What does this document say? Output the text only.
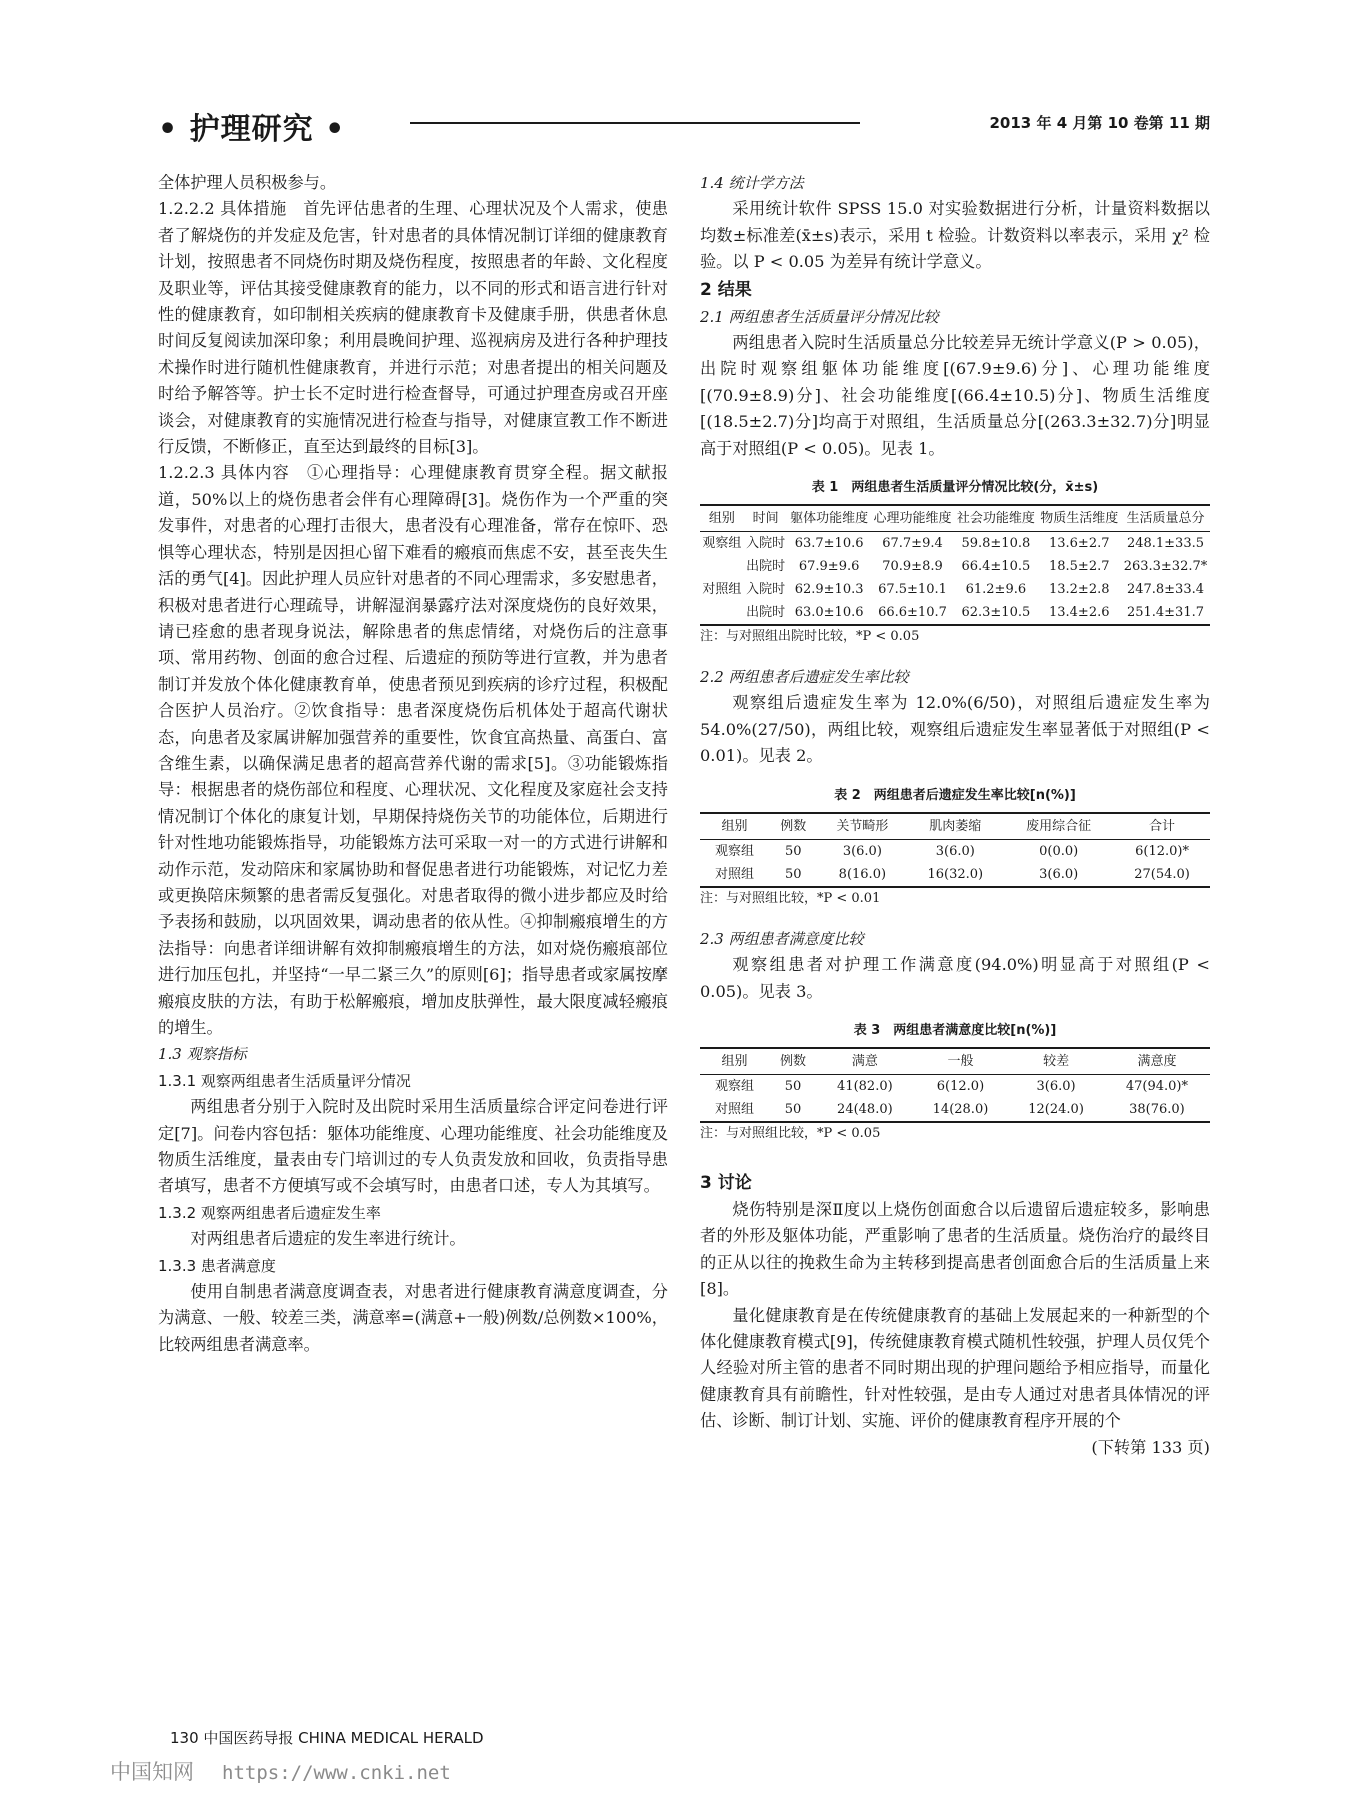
• 护理研究 •	2013 年 4 月第 10 卷第 11 期

全体护理人员积极参与。

1.2.2.2 具体措施　首先评估患者的生理、心理状况及个人需求，使患者了解烧伤的并发症及危害，针对患者的具体情况制订详细的健康教育计划，按照患者不同烧伤时期及烧伤程度，按照患者的年龄、文化程度及职业等，评估其接受健康教育的能力，以不同的形式和语言进行针对性的健康教育，如印制相关疾病的健康教育卡及健康手册，供患者休息时间反复阅读加深印象；利用晨晚间护理、巡视病房及进行各种护理技术操作时进行随机性健康教育，并进行示范；对患者提出的相关问题及时给予解答等。护士长不定时进行检查督导，可通过护理查房或召开座谈会，对健康教育的实施情况进行检查与指导，对健康宣教工作不断进行反馈，不断修正，直至达到最终的目标[3]。

1.2.2.3 具体内容　①心理指导：心理健康教育贯穿全程。据文献报道，50%以上的烧伤患者会伴有心理障碍[3]。烧伤作为一个严重的突发事件，对患者的心理打击很大，患者没有心理准备，常存在惊吓、恐惧等心理状态，特别是因担心留下难看的瘢痕而焦虑不安，甚至丧失生活的勇气[4]。因此护理人员应针对患者的不同心理需求，多安慰患者，积极对患者进行心理疏导，讲解湿润暴露疗法对深度烧伤的良好效果，请已痊愈的患者现身说法，解除患者的焦虑情绪，对烧伤后的注意事项、常用药物、创面的愈合过程、后遗症的预防等进行宣教，并为患者制订并发放个体化健康教育单，使患者预见到疾病的诊疗过程，积极配合医护人员治疗。②饮食指导：患者深度烧伤后机体处于超高代谢状态，向患者及家属讲解加强营养的重要性，饮食宜高热量、高蛋白、富含维生素，以确保满足患者的超高营养代谢的需求[5]。③功能锻炼指导：根据患者的烧伤部位和程度、心理状况、文化程度及家庭社会支持情况制订个体化的康复计划，早期保持烧伤关节的功能体位，后期进行针对性地功能锻炼指导，功能锻炼方法可采取一对一的方式进行讲解和动作示范，发动陪床和家属协助和督促患者进行功能锻炼，对记忆力差或更换陪床频繁的患者需反复强化。对患者取得的微小进步都应及时给予表扬和鼓励，以巩固效果，调动患者的依从性。④抑制瘢痕增生的方法指导：向患者详细讲解有效抑制瘢痕增生的方法，如对烧伤瘢痕部位进行加压包扎，并坚持“一早二紧三久”的原则[6]；指导患者或家属按摩瘢痕皮肤的方法，有助于松解瘢痕，增加皮肤弹性，最大限度减轻瘢痕的增生。

1.3 观察指标
1.3.1 观察两组患者生活质量评分情况

两组患者分别于入院时及出院时采用生活质量综合评定问卷进行评定[7]。问卷内容包括：躯体功能维度、心理功能维度、社会功能维度及物质生活维度，量表由专门培训过的专人负责发放和回收，负责指导患者填写，患者不方便填写或不会填写时，由患者口述，专人为其填写。

1.3.2 观察两组患者后遗症发生率

对两组患者后遗症的发生率进行统计。

1.3.3 患者满意度

使用自制患者满意度调查表，对患者进行健康教育满意度调查，分为满意、一般、较差三类，满意率=(满意+一般)例数/总例数×100%，比较两组患者满意率。

1.4 统计学方法

采用统计软件 SPSS 15.0 对实验数据进行分析，计量资料数据以均数±标准差(x̄±s)表示，采用 t 检验。计数资料以率表示，采用 χ² 检验。以 P < 0.05 为差异有统计学意义。

2 结果
2.1 两组患者生活质量评分情况比较

两组患者入院时生活质量总分比较差异无统计学意义(P > 0.05)，出院时观察组躯体功能维度[(67.9±9.6)分]、心理功能维度[(70.9±8.9)分]、社会功能维度[(66.4±10.5)分]、物质生活维度[(18.5±2.7)分]均高于对照组，生活质量总分[(263.3±32.7)分]明显高于对照组(P < 0.05)。见表 1。

表 1　两组患者生活质量评分情况比较(分，x̄±s)
组别	时间	躯体功能维度	心理功能维度	社会功能维度	物质生活维度	生活质量总分
观察组	入院时	63.7±10.6	67.7±9.4	59.8±10.8	13.6±2.7	248.1±33.5
	出院时	67.9±9.6	70.9±8.9	66.4±10.5	18.5±2.7	263.3±32.7*
对照组	入院时	62.9±10.3	67.5±10.1	61.2±9.6	13.2±2.8	247.8±33.4
	出院时	63.0±10.6	66.6±10.7	62.3±10.5	13.4±2.6	251.4±31.7

注：与对照组出院时比较，*P < 0.05

2.2 两组患者后遗症发生率比较

观察组后遗症发生率为 12.0%(6/50)，对照组后遗症发生率为 54.0%(27/50)，两组比较，观察组后遗症发生率显著低于对照组(P < 0.01)。见表 2。

表 2　两组患者后遗症发生率比较[n(%)]
组别	例数	关节畸形	肌肉萎缩	废用综合征	合计
观察组	50	3(6.0)	3(6.0)	0(0.0)	6(12.0)*
对照组	50	8(16.0)	16(32.0)	3(6.0)	27(54.0)

注：与对照组比较，*P < 0.01

2.3 两组患者满意度比较

观察组患者对护理工作满意度(94.0%)明显高于对照组(P < 0.05)。见表 3。

表 3　两组患者满意度比较[n(%)]
组别	例数	满意	一般	较差	满意度
观察组	50	41(82.0)	6(12.0)	3(6.0)	47(94.0)*
对照组	50	24(48.0)	14(28.0)	12(24.0)	38(76.0)

注：与对照组比较，*P < 0.05

3 讨论

烧伤特别是深Ⅱ度以上烧伤创面愈合以后遗留后遗症较多，影响患者的外形及躯体功能，严重影响了患者的生活质量。烧伤治疗的最终目的正从以往的挽救生命为主转移到提高患者创面愈合后的生活质量上来[8]。

量化健康教育是在传统健康教育的基础上发展起来的一种新型的个体化健康教育模式[9]，传统健康教育模式随机性较强，护理人员仅凭个人经验对所主管的患者不同时期出现的护理问题给予相应指导，而量化健康教育具有前瞻性，针对性较强，是由专人通过对患者具体情况的评估、诊断、制订计划、实施、评价的健康教育程序开展的个

(下转第 133 页)

130 中国医药导报 CHINA MEDICAL HERALD
中国知网 https://www.cnki.net
